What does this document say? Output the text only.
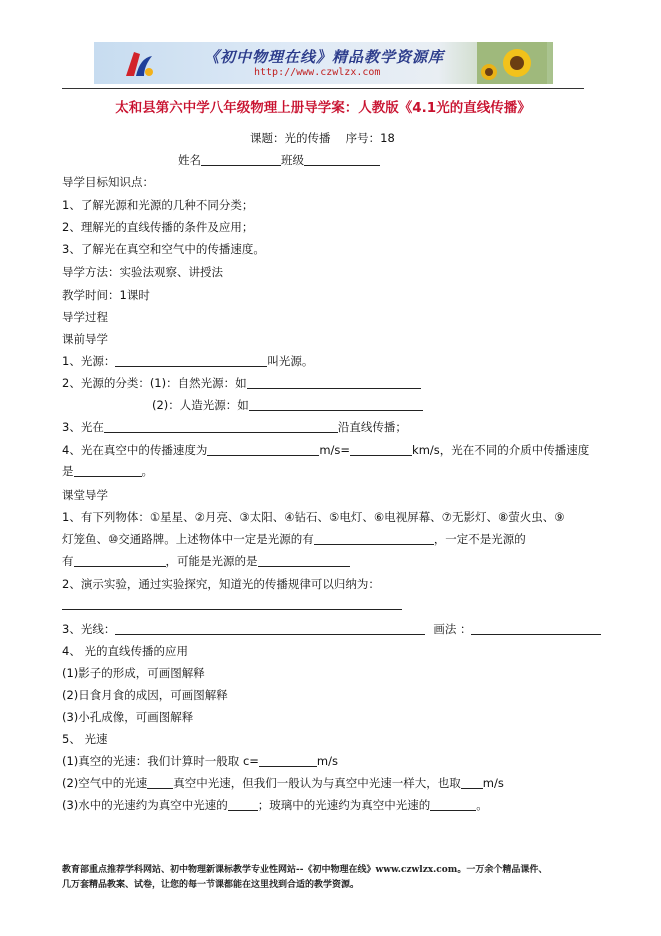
《初中物理在线》精品教学资源库
http://www.czwlzx.com
太和县第六中学八年级物理上册导学案：人教版《4.1光的直线传播》
课题：光的传播　 序号：18
姓名	班级
导学目标知识点：
1、了解光源和光源的几种不同分类；
2、理解光的直线传播的条件及应用；
3、了解光在真空和空气中的传播速度。
导学方法：实验法观察、讲授法
教学时间：1课时
导学过程
课前导学
1、光源：	叫光源。
2、光源的分类：(1)：自然光源：如
(2)：人造光源：如
3、光在	沿直线传播；
4、光在真空中的传播速度为	m/s=	km/s，光在不同的介质中传播速度
是	。
课堂导学
1、有下列物体：①星星、②月亮、③太阳、④钻石、⑤电灯、⑥电视屏幕、⑦无影灯、⑧萤火虫、⑨
灯笼鱼、⑩交通路牌。上述物体中一定是光源的有	，一定不是光源的
有	，可能是光源的是
2、演示实验，通过实验探究，知道光的传播规律可以归纳为：
3、光线：	画法 ：
4、 光的直线传播的应用
(1)影子的形成，可画图解释
(2)日食月食的成因，可画图解释
(3)小孔成像，可画图解释
5、 光速
(1)真空的光速：我们计算时一般取 c=	m/s
(2)空气中的光速 真空中光速，但我们一般认为与真空中光速一样大，也取 m/s
(3)水中的光速约为真空中光速的	；玻璃中的光速约为真空中光速的	。
教育部重点推荐学科网站、初中物理新课标教学专业性网站--《初中物理在线》www.czwlzx.com。一万余个精品课件、
几万套精品教案、试卷，让您的每一节课都能在这里找到合适的教学资源。
